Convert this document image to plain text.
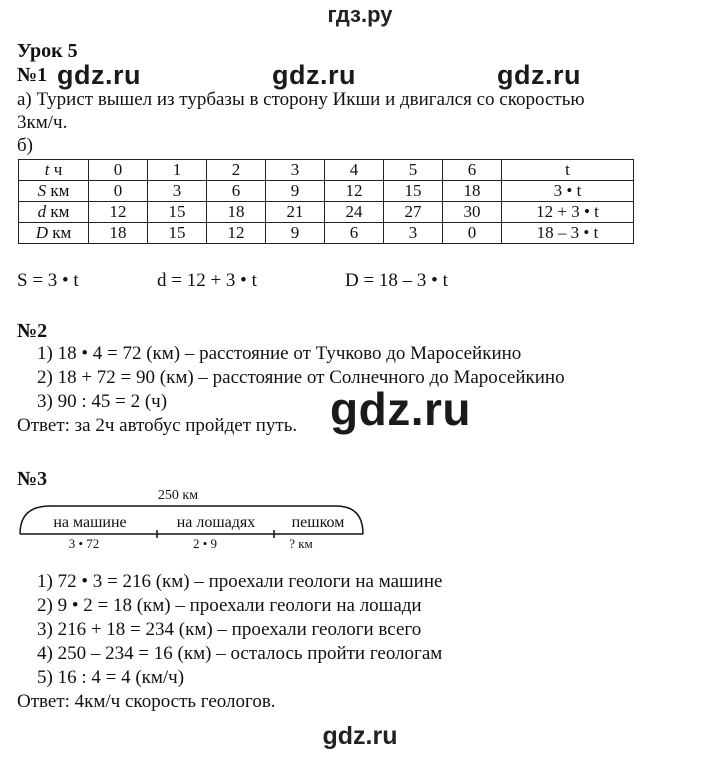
гдз.ру
Урок 5
№1 gdz.ru	gdz.ru	gdz.ru
а) Турист вышел из турбазы в сторону Икши и двигался со скоростью
3км/ч.
б)
t ч	0	1	2	3	4	5	6	t
S км	0	3	6	9	12	15	18	3 • t
d км	12	15	18	21	24	27	30	12 + 3 • t
D км	18	15	12	9	6	3	0	18 – 3 • t
S = 3 • t	d = 12 + 3 • t	D = 18 – 3 • t
№2
1) 18 • 4 = 72 (км) – расстояние от Тучково до Маросейкино
2) 18 + 72 = 90 (км) – расстояние от Солнечного до Маросейкино
3) 90 : 45 = 2 (ч)
Ответ: за 2ч автобус пройдет путь. gdz.ru
№3
250 км
на машине	на лошадях пешком
3 • 72	2 • 9	? км
1) 72 • 3 = 216 (км) – проехали геологи на машине
2) 9 • 2 = 18 (км) – проехали геологи на лошади
3) 216 + 18 = 234 (км) – проехали геологи всего
4) 250 – 234 = 16 (км) – осталось пройти геологам
5) 16 : 4 = 4 (км/ч)
Ответ: 4км/ч скорость геологов.
gdz.ru
